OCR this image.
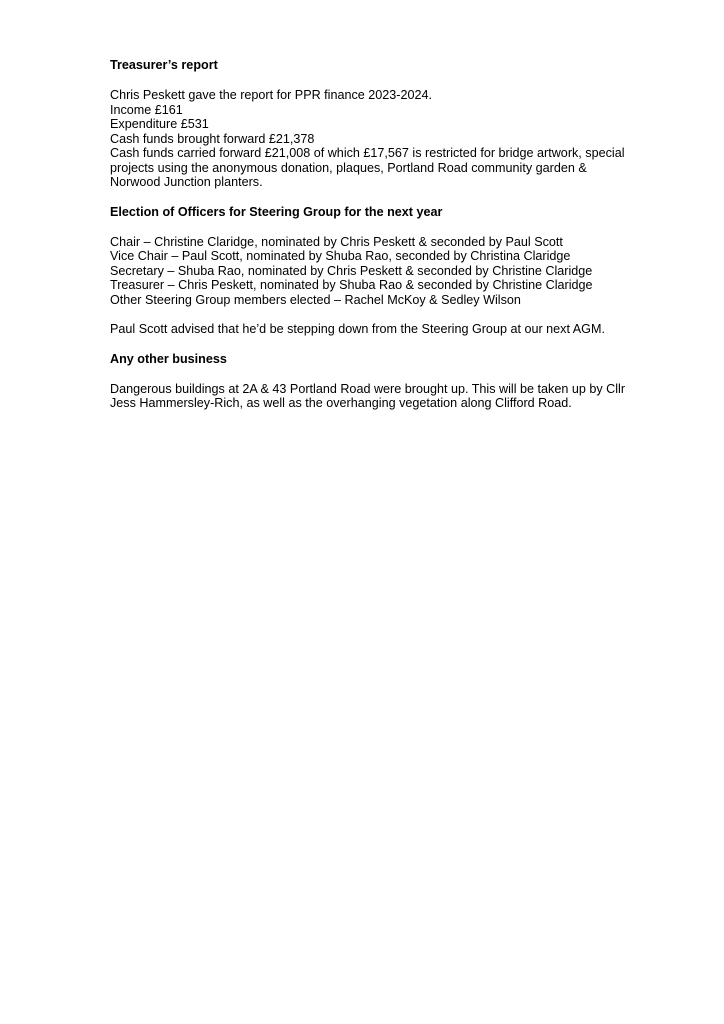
Treasurer’s report
Chris Peskett gave the report for PPR finance 2023-2024.
Income £161
Expenditure £531
Cash funds brought forward £21,378
Cash funds carried forward £21,008 of which £17,567 is restricted for bridge artwork, special
projects using the anonymous donation, plaques, Portland Road community garden &
Norwood Junction planters.
Election of Officers for Steering Group for the next year
Chair – Christine Claridge, nominated by Chris Peskett & seconded by Paul Scott
Vice Chair – Paul Scott, nominated by Shuba Rao, seconded by Christina Claridge
Secretary – Shuba Rao, nominated by Chris Peskett & seconded by Christine Claridge
Treasurer – Chris Peskett, nominated by Shuba Rao & seconded by Christine Claridge
Other Steering Group members elected – Rachel McKoy & Sedley Wilson
Paul Scott advised that he’d be stepping down from the Steering Group at our next AGM.
Any other business
Dangerous buildings at 2A & 43 Portland Road were brought up. This will be taken up by Cllr
Jess Hammersley-Rich, as well as the overhanging vegetation along Clifford Road.
